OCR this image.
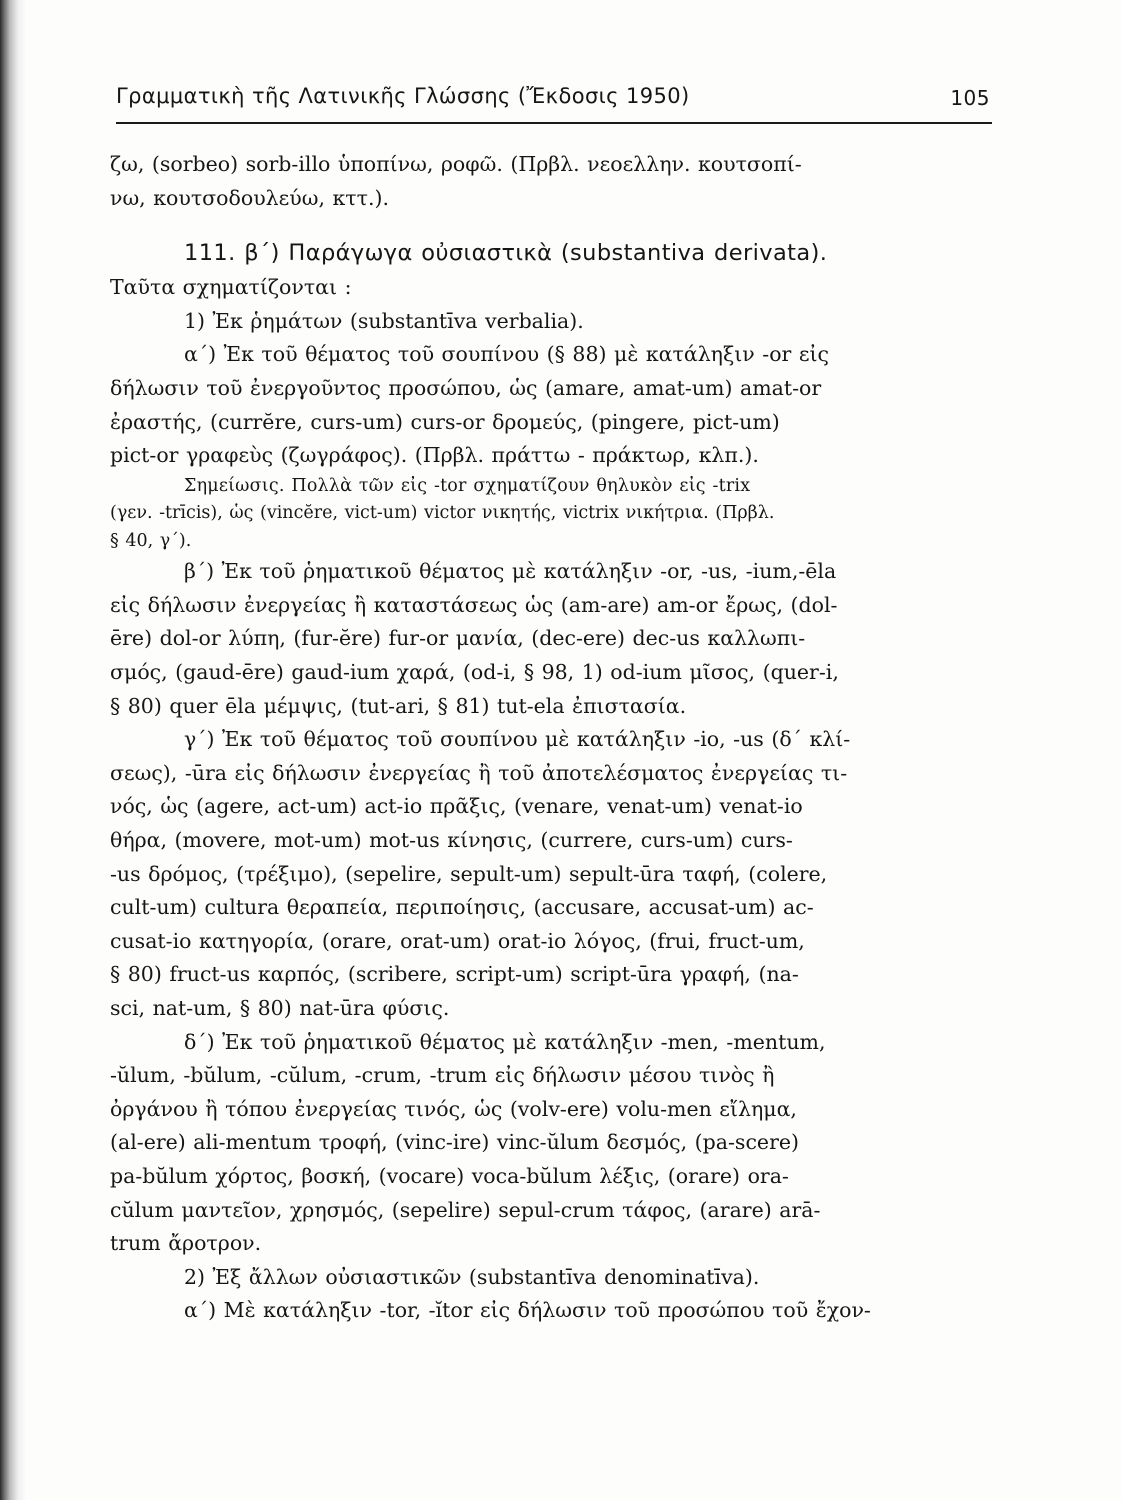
Γραμματικὴ τῆς Λατινικῆς Γλώσσης (Ἔκδοσις 1950)	105
ζω, (sorbeo) sorb-illo ὑποπίνω, ροφῶ. (Πρβλ. νεοελλην. κουτσοπί-
νω, κουτσοδουλεύω, κττ.).
111. β΄) Παράγωγα οὐσιαστικὰ (substantiva derivata).
Ταῦτα σχηματίζονται :
1) Ἐκ ῥημάτων (substantīva verbalia).
α΄) Ἐκ τοῦ θέματος τοῦ σουπίνου (§ 88) μὲ κατάληξιν -or εἰς
δήλωσιν τοῦ ἐνεργοῦντος προσώπου, ὡς (amare, amat-um) amat-or
ἐραστής, (currĕre, curs-um) curs-or δρομεύς, (pingere, pict-um)
pict-or γραφεὺς (ζωγράφος). (Πρβλ. πράττω - πράκτωρ, κλπ.).
Σημείωσις. Πολλὰ τῶν εἰς -tor σχηματίζουν θηλυκὸν εἰς -trix
(γεν. -trīcis), ὡς (vincĕre, vict-um) victor νικητής, victrix νικήτρια. (Πρβλ.
§ 40, γ΄).
β΄) Ἐκ τοῦ ῥηματικοῦ θέματος μὲ κατάληξιν -or, -us, -ium,-ēla
εἰς δήλωσιν ἐνεργείας ἢ καταστάσεως ὡς (am-are) am-or ἔρως, (dol-
ēre) dol-or λύπη, (fur-ĕre) fur-or μανία, (dec-ere) dec-us καλλωπι-
σμός, (gaud-ēre) gaud-ium χαρά, (od-i, § 98, 1) od-ium μῖσος, (quer-i,
§ 80) quer ēla μέμψις, (tut-ari, § 81) tut-ela ἐπιστασία.
γ΄) Ἐκ τοῦ θέματος τοῦ σουπίνου μὲ κατάληξιν -io, -us (δ΄ κλί-
σεως), -ūra εἰς δήλωσιν ἐνεργείας ἢ τοῦ ἀποτελέσματος ἐνεργείας τι-
νός, ὡς (agere, act-um) act-io πρᾶξις, (venare, venat-um) venat-io
θήρα, (movere, mot-um) mot-us κίνησις, (currere, curs-um) curs-
-us δρόμος, (τρέξιμο), (sepelire, sepult-um) sepult-ūra ταφή, (colere,
cult-um) cultura θεραπεία, περιποίησις, (accusare, accusat-um) ac-
cusat-io κατηγορία, (orare, orat-um) orat-io λόγος, (frui, fruct-um,
§ 80) fruct-us καρπός, (scribere, script-um) script-ūra γραφή, (na-
sci, nat-um, § 80) nat-ūra φύσις.
δ΄) Ἐκ τοῦ ῥηματικοῦ θέματος μὲ κατάληξιν -men, -mentum,
-ŭlum, -bŭlum, -cŭlum, -crum, -trum εἰς δήλωσιν μέσου τινὸς ἢ
ὀργάνου ἢ τόπου ἐνεργείας τινός, ὡς (volv-ere) volu-men εἴλημα,
(al-ere) ali-mentum τροφή, (vinc-ire) vinc-ŭlum δεσμός, (pa-scere)
pa-bŭlum χόρτος, βοσκή, (vocare) voca-bŭlum λέξις, (orare) ora-
cŭlum μαντεῖον, χρησμός, (sepelire) sepul-crum τάφος, (arare) arā-
trum ἄροτρον.
2) Ἐξ ἄλλων οὐσιαστικῶν (substantīva denominatīva).
α΄) Μὲ κατάληξιν -tor, -ĭtor εἰς δήλωσιν τοῦ προσώπου τοῦ ἔχον-
